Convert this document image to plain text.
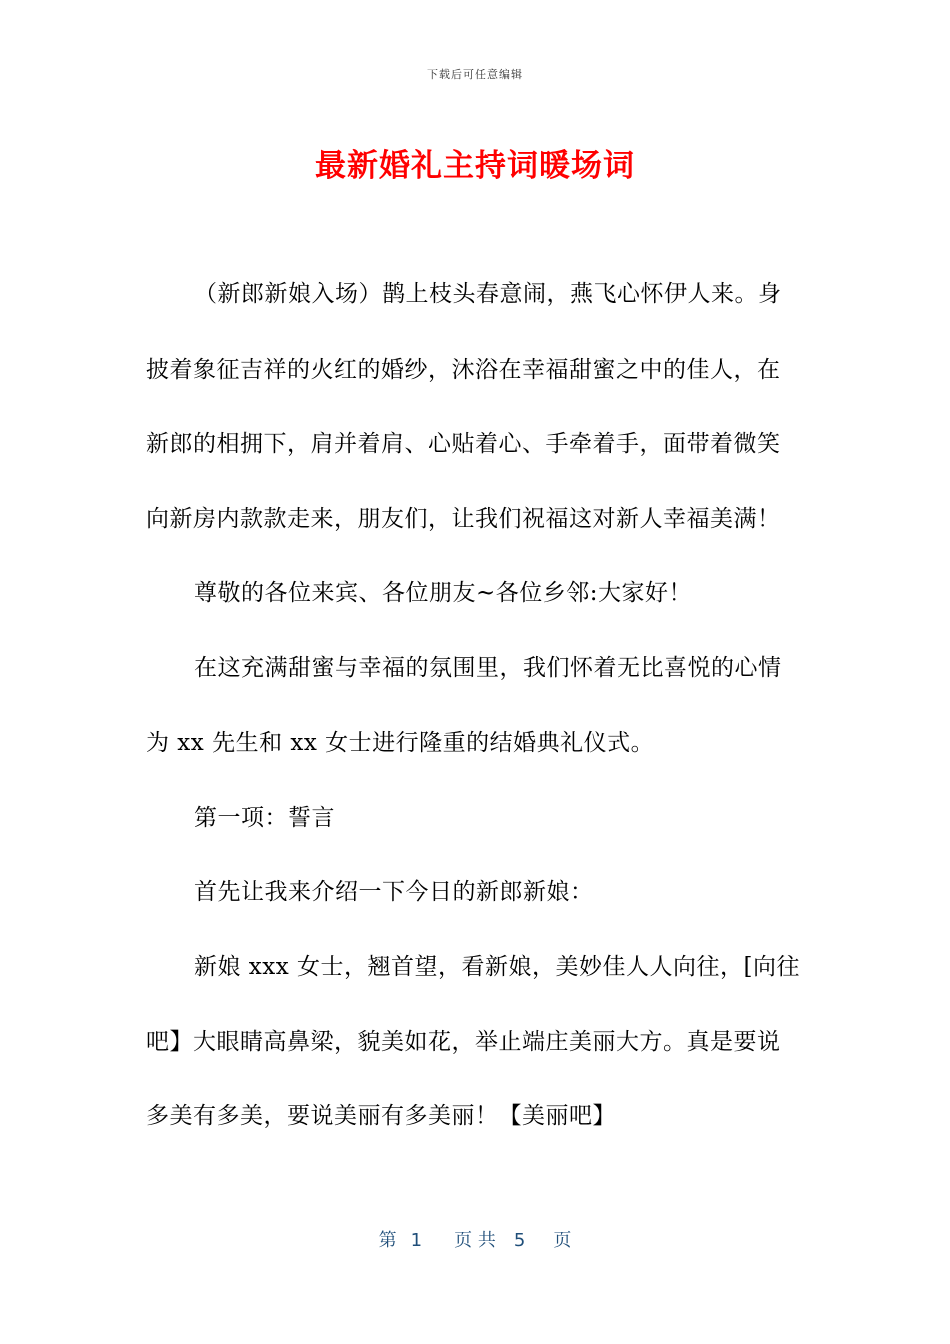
下载后可任意编辑
最新婚礼主持词暖场词
（新郎新娘入场）鹊上枝头春意闹，燕飞心怀伊人来。身
披着象征吉祥的火红的婚纱，沐浴在幸福甜蜜之中的佳人，在
新郎的相拥下，肩并着肩、心贴着心、手牵着手，面带着微笑
向新房内款款走来，朋友们，让我们祝福这对新人幸福美满！
尊敬的各位来宾、各位朋友~各位乡邻:大家好！
在这充满甜蜜与幸福的氛围里，我们怀着无比喜悦的心情
为 xx 先生和 xx 女士进行隆重的结婚典礼仪式。
第一项：誓言
首先让我来介绍一下今日的新郎新娘：
新娘 xxx 女士，翘首望，看新娘，美妙佳人人向往，[向往
吧】大眼睛高鼻梁，貌美如花，举止端庄美丽大方。真是要说
多美有多美，要说美丽有多美丽！【美丽吧】
第 1 页 共 5 页
